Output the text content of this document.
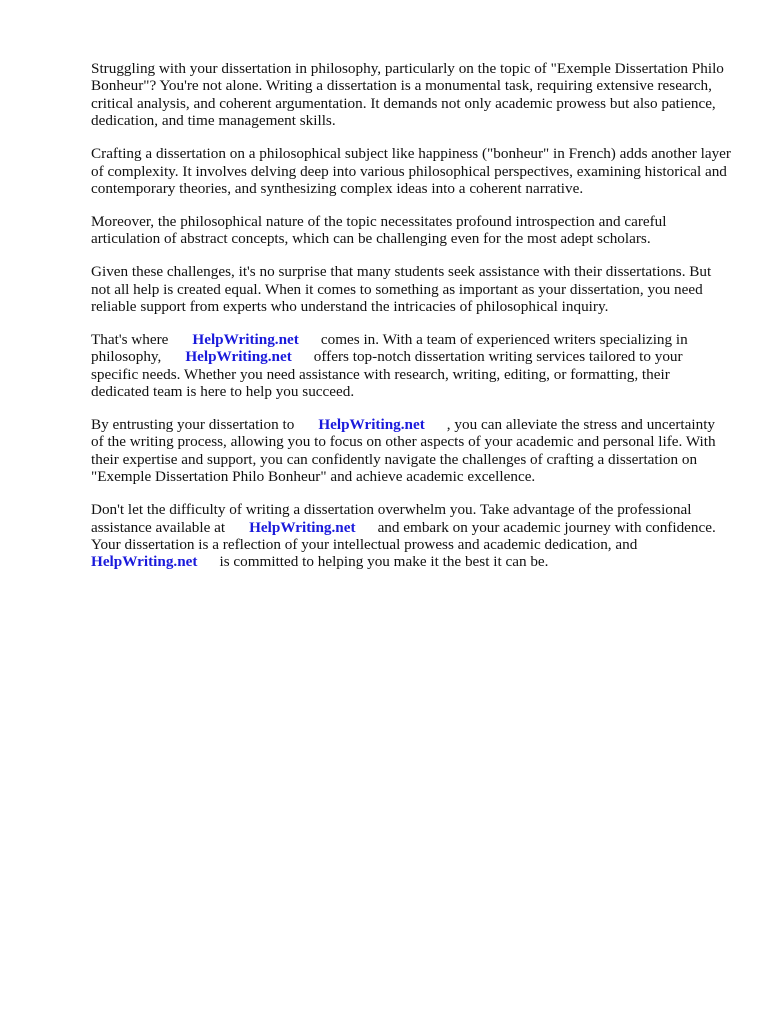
Struggling with your dissertation in philosophy, particularly on the topic of "Exemple Dissertation Philo Bonheur"? You're not alone. Writing a dissertation is a monumental task, requiring extensive research, critical analysis, and coherent argumentation. It demands not only academic prowess but also patience, dedication, and time management skills.

Crafting a dissertation on a philosophical subject like happiness ("bonheur" in French) adds another layer of complexity. It involves delving deep into various philosophical perspectives, examining historical and contemporary theories, and synthesizing complex ideas into a coherent narrative.

Moreover, the philosophical nature of the topic necessitates profound introspection and careful articulation of abstract concepts, which can be challenging even for the most adept scholars.

Given these challenges, it's no surprise that many students seek assistance with their dissertations. But not all help is created equal. When it comes to something as important as your dissertation, you need reliable support from experts who understand the intricacies of philosophical inquiry.

That's where HelpWriting.net comes in. With a team of experienced writers specializing in philosophy, HelpWriting.net offers top-notch dissertation writing services tailored to your specific needs. Whether you need assistance with research, writing, editing, or formatting, their dedicated team is here to help you succeed.

By entrusting your dissertation to HelpWriting.net , you can alleviate the stress and uncertainty of the writing process, allowing you to focus on other aspects of your academic and personal life. With their expertise and support, you can confidently navigate the challenges of crafting a dissertation on "Exemple Dissertation Philo Bonheur" and achieve academic excellence.

Don't let the difficulty of writing a dissertation overwhelm you. Take advantage of the professional assistance available at HelpWriting.net and embark on your academic journey with confidence. Your dissertation is a reflection of your intellectual prowess and academic dedication, andHelpWriting.net is committed to helping you make it the best it can be.
